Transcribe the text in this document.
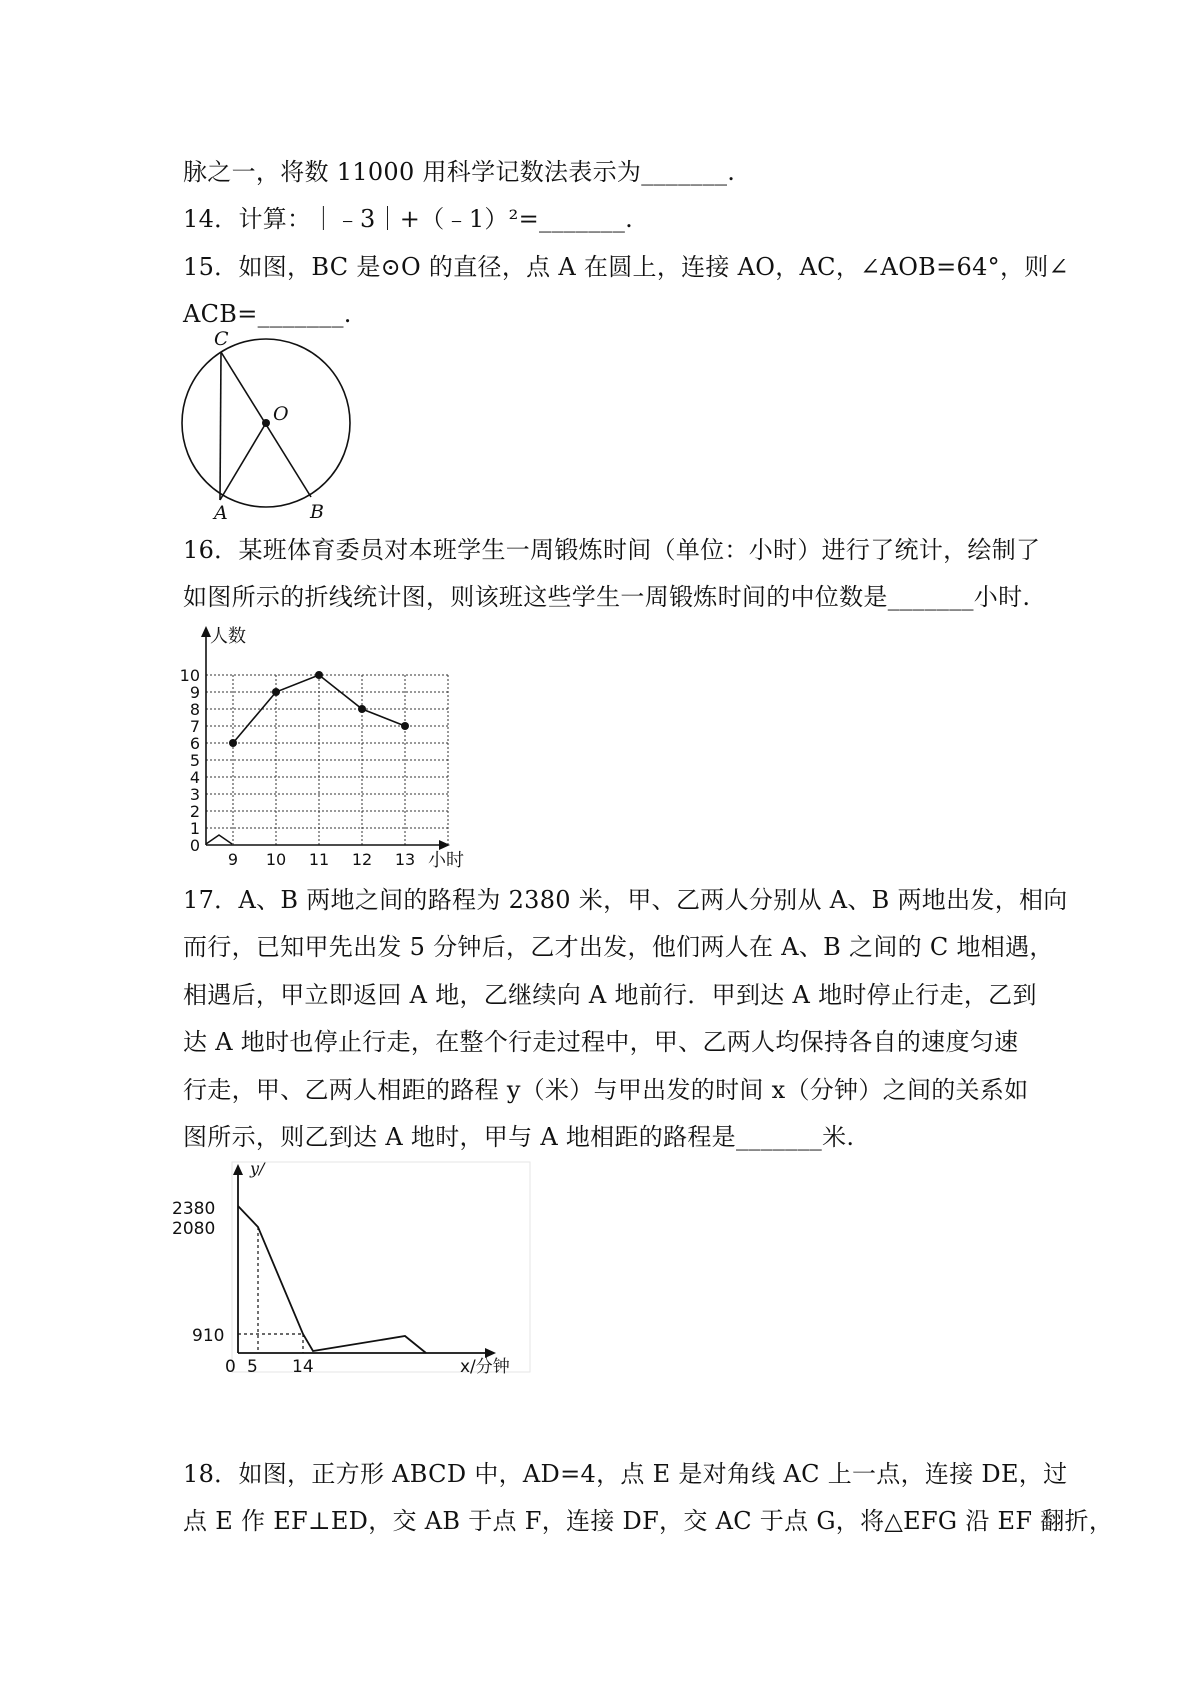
脉之一，将数 11000 用科学记数法表示为_______.
14．计算：｜﹣3｜+（﹣1）²=_______.
15．如图，BC 是⊙O 的直径，点 A 在圆上，连接 AO，AC，∠AOB=64°，则∠
ACB=_______.
16．某班体育委员对本班学生一周锻炼时间（单位：小时）进行了统计，绘制了
如图所示的折线统计图，则该班这些学生一周锻炼时间的中位数是_______小时.
17．A、B 两地之间的路程为 2380 米，甲、乙两人分别从 A、B 两地出发，相向
而行，已知甲先出发 5 分钟后，乙才出发，他们两人在 A、B 之间的 C 地相遇，
相遇后，甲立即返回 A 地，乙继续向 A 地前行．甲到达 A 地时停止行走，乙到
达 A 地时也停止行走，在整个行走过程中，甲、乙两人均保持各自的速度匀速
行走，甲、乙两人相距的路程 y（米）与甲出发的时间 x（分钟）之间的关系如
图所示，则乙到达 A 地时，甲与 A 地相距的路程是_______米.
18．如图，正方形 ABCD 中，AD=4，点 E 是对角线 AC 上一点，连接 DE，过
点 E 作 EF⊥ED，交 AB 于点 F，连接 DF，交 AC 于点 G，将△EFG 沿 EF 翻折，
C
O
A	B
人数
小时
0
1
2
3
4
5
6
7
8
9
10
9 10 11 12 13
y/
x/分钟
2380
2080
910
0 5 14
